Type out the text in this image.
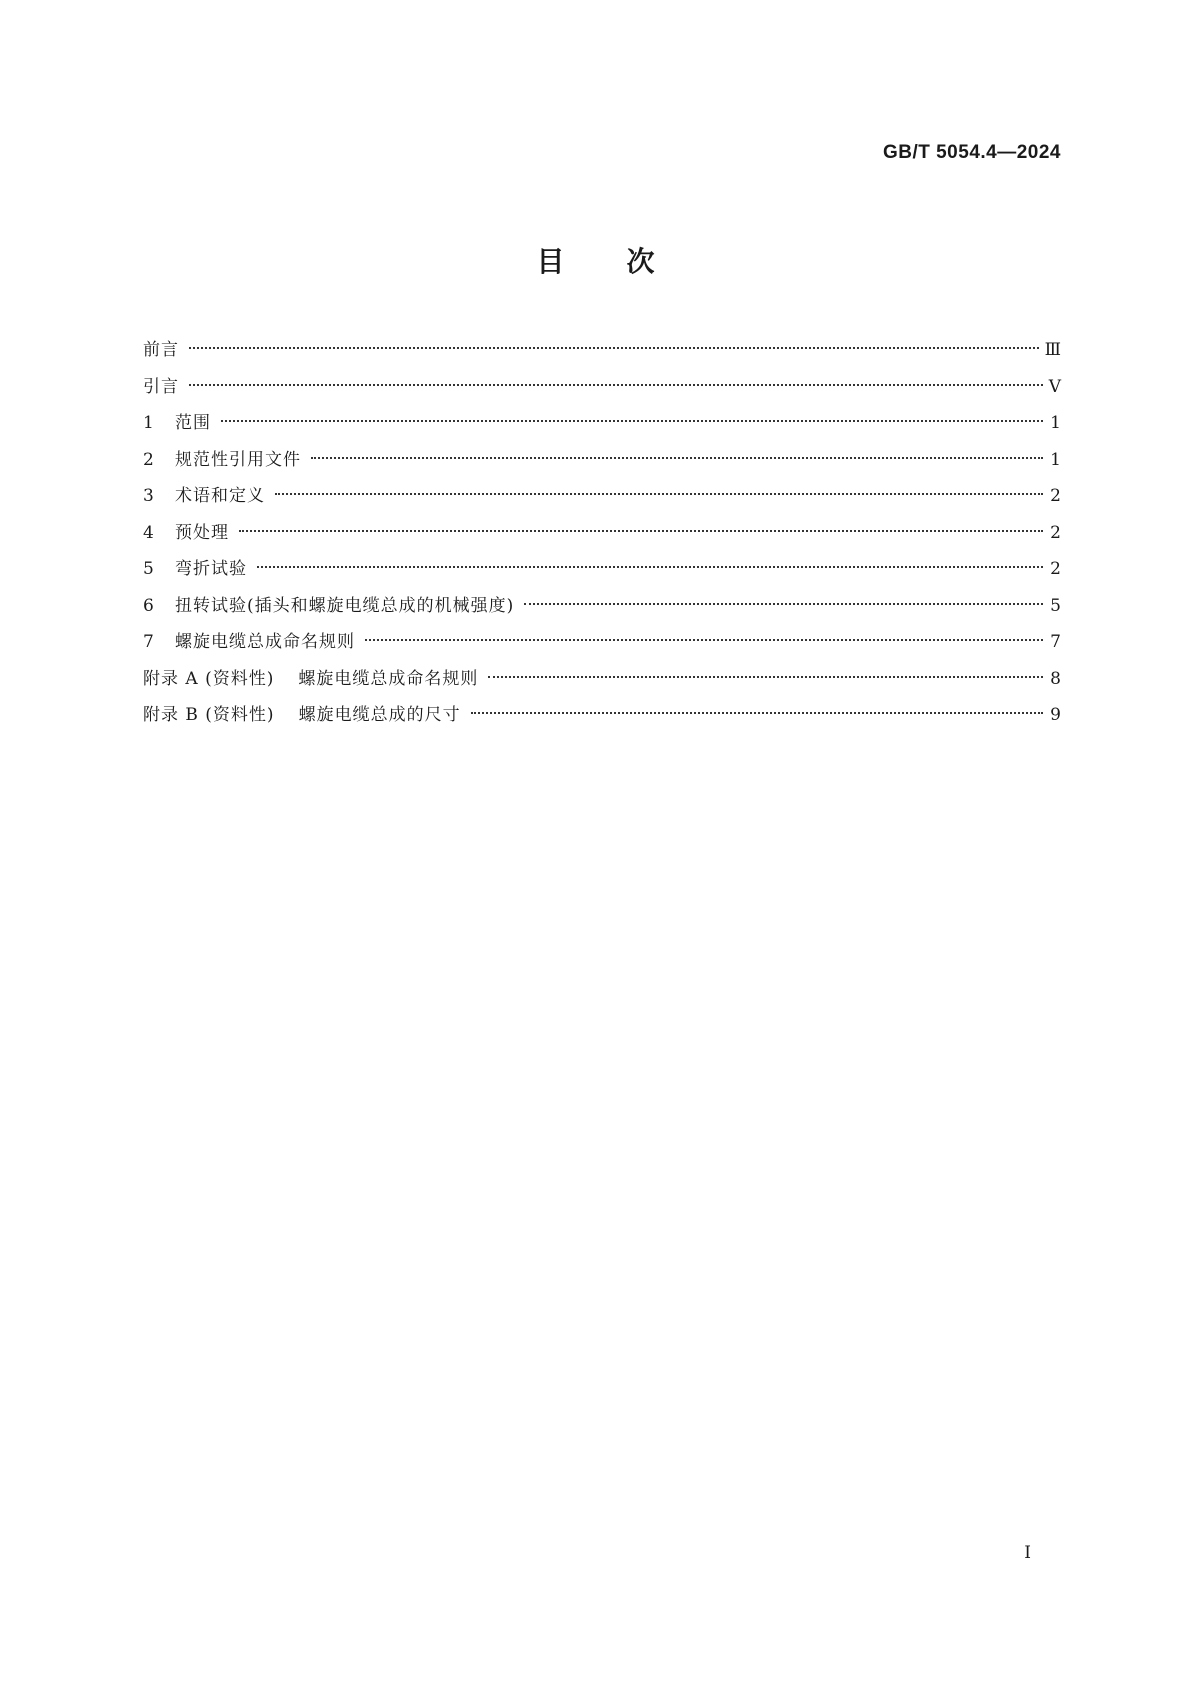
GB/T 5054.4—2024
目次
前言	Ⅲ
引言	Ⅴ
1	范围	1
2	规范性引用文件	1
3	术语和定义	2
4	预处理	2
5	弯折试验	2
6	扭转试验(插头和螺旋电缆总成的机械强度)	5
7	螺旋电缆总成命名规则	7
附录 A (资料性) 螺旋电缆总成命名规则	8
附录 B (资料性) 螺旋电缆总成的尺寸	9
Ⅰ
